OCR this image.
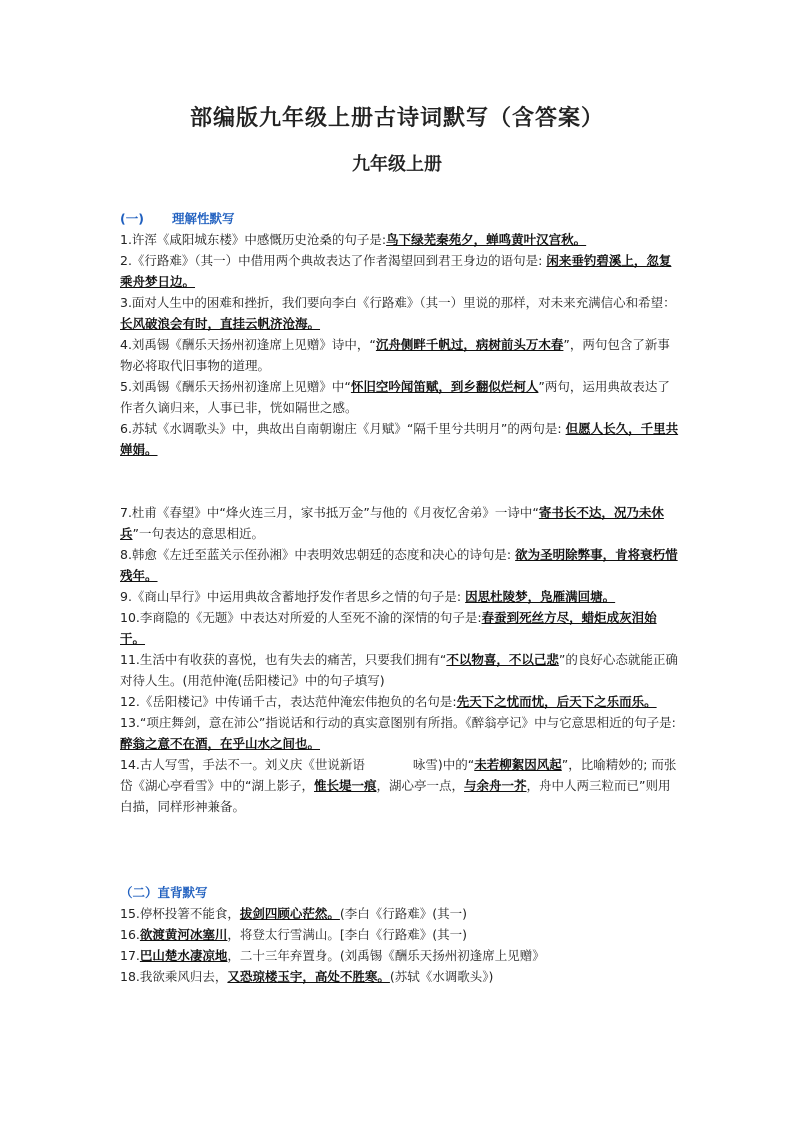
部编版九年级上册古诗词默写（含答案）
九年级上册
(一) 理解性默写
1.许浑《咸阳城东楼》中感慨历史沧桑的句子是:鸟下绿芜秦苑夕，蝉鸣黄叶汉宫秋。
2.《行路难》（其一）中借用两个典故表达了作者渴望回到君王身边的语句是: 闲来垂钓碧溪上，忽复乘舟梦日边。
3.面对人生中的困难和挫折，我们要向李白《行路难》（其一）里说的那样，对未来充满信心和希望：长风破浪会有时，直挂云帆济沧海。
4.刘禹锡《酬乐天扬州初逢席上见赠》诗中，“沉舟侧畔千帆过，病树前头万木春”，两句包含了新事物必将取代旧事物的道理。
5.刘禹锡《酬乐天扬州初逢席上见赠》中“怀旧空吟闻笛赋，到乡翻似烂柯人”两句，运用典故表达了作者久谪归来，人事已非，恍如隔世之感。
6.苏轼《水调歌头》中，典故出自南朝谢庄《月赋》“隔千里兮共明月”的两句是: 但愿人长久，千里共婵娟。
7.杜甫《春望》中“烽火连三月，家书抵万金”与他的《月夜忆舍弟》一诗中“寄书长不达，况乃未休兵”一句表达的意思相近。
8.韩愈《左迁至蓝关示侄孙湘》中表明效忠朝廷的态度和决心的诗句是: 欲为圣明除弊事，肯将衰朽惜残年。
9.《商山早行》中运用典故含蓄地抒发作者思乡之情的句子是: 因思杜陵梦，凫雁满回塘。
10.李商隐的《无题》中表达对所爱的人至死不渝的深情的句子是:春蚕到死丝方尽，蜡炬成灰泪始干。
11.生活中有收获的喜悦，也有失去的痛苦，只要我们拥有“不以物喜，不以己悲”的良好心态就能正确对待人生。(用范仲淹(岳阳楼记》中的句子填写)
12.《岳阳楼记》中传诵千古，表达范仲淹宏伟抱负的名句是:先天下之忧而忧，后天下之乐而乐。
13.“项庄舞剑，意在沛公”指说话和行动的真实意图别有所指。《醉翁亭记》中与它意思相近的句子是:醉翁之意不在酒，在乎山水之间也。
14.古人写雪，手法不一。刘义庆《世说新语	咏雪)中的“未若柳絮因风起”，比喻精妙的; 而张岱《湖心亭看雪》中的“湖上影子，惟长堤一痕，湖心亭一点，与余舟一芥，舟中人两三粒而已”则用白描，同样形神兼备。
（二）直背默写
15.停杯投箸不能食，拔剑四顾心茫然。(李白《行路难》(其一)
16.欲渡黄河冰塞川，将登太行雪满山。[李白《行路难》(其一)
17.巴山楚水凄凉地，二十三年弃置身。(刘禹锡《酬乐天扬州初逢席上见赠》
18.我欲乘风归去，又恐琼楼玉宇，高处不胜寒。(苏轼《水调歌头》)
